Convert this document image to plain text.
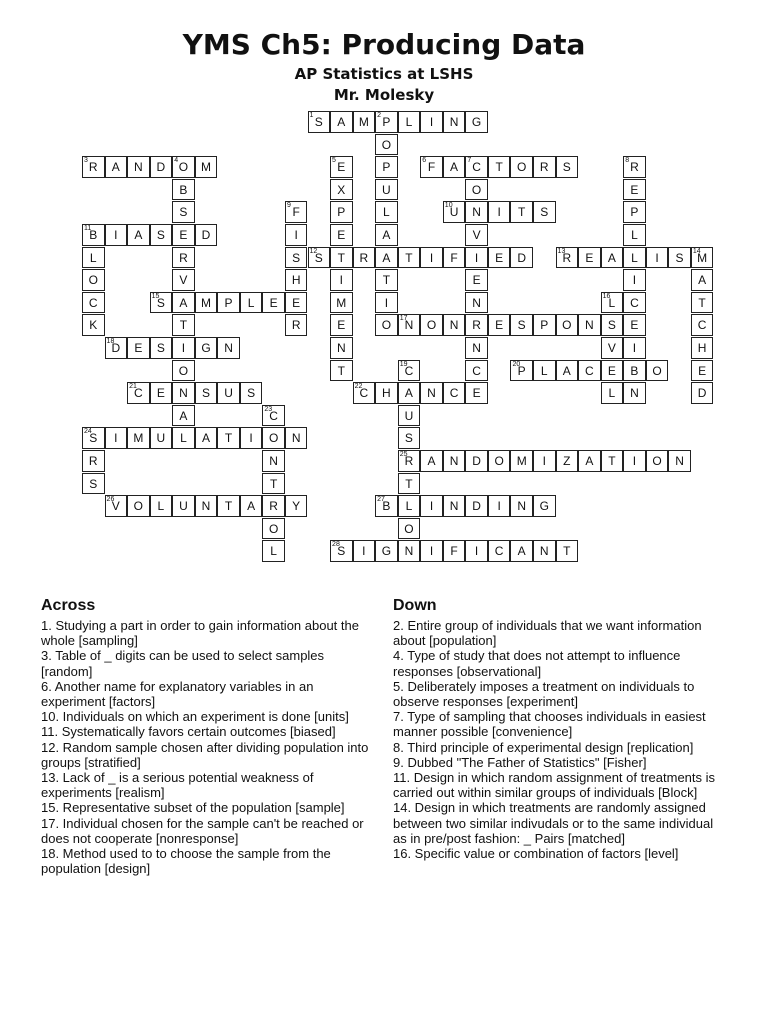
YMS Ch5: Producing Data

AP Statistics at LSHS

Mr. Molesky

1 S	A	M	2 P	L	I	N	G
O
3 R	A	N	D	4 O	M	5 E	P	6 F	A	7 C	T	O	R	S	8 R
B	X	U	O	E
S	9 F	P	L	10
U	N	I	T	S	P
11
B	I	A	S	E	D	I	E	A	V	L
L	R	S	12
S	T	R	A	T	I	F	I	E	D	13
R	E	A	L	I	S	14
M
O	V	H	I	T	E	I	A
C	15
S	A	M	P	L	E	E	M	I	N	16
L	C	T
K	T	R	E	O	17
N	O	N	R	E	S	P	O	N	S	E	C
18
D	E	S	I	G	N	N	N	V	I	H
O	T	19
C	C	20
P	L	A	C	E	B	O	E
21
C	E	N	S	U	S	22
C	H	A	N	C	E	L	N	D
A	23
C	U
24
S	I	M	U	L	A	T	I	O	N	S
R	N	25
R	A	N	D	O	M	I	Z	A	T	I	O	N
S	T	T
26
V	O	L	U	N	T	A	R	Y	27
B	L	I	N	D	I	N	G
O	O
L	28
S	I	G	N	I	F	I	C	A	N	T
Across

1. Studying a part in order to gain information about the whole [sampling]

3. Table of _ digits can be used to select samples [random]

6. Another name for explanatory variables in an experiment [factors]

10. Individuals on which an experiment is done [units]

11. Systematically favors certain outcomes [biased]

12. Random sample chosen after dividing population into groups [stratified]

13. Lack of _ is a serious potential weakness of experiments [realism]

15. Representative subset of the population [sample]

17. Individual chosen for the sample can't be reached or does not cooperate [nonresponse]

18. Method used to to choose the sample from the population [design]

Down

2. Entire group of individuals that we want information about [population]

4. Type of study that does not attempt to influence responses [observational]

5. Deliberately imposes a treatment on individuals to observe responses [experiment]

7. Type of sampling that chooses individuals in easiest manner possible [convenience]

8. Third principle of experimental design [replication]

9. Dubbed "The Father of Statistics" [Fisher]

11. Design in which random assignment of treatments is carried out within similar groups of individuals [Block]

14. Design in which treatments are randomly assigned between two similar indivudals or to the same individual as in pre/post fashion: _ Pairs [matched]

16. Specific value or combination of factors [level]
